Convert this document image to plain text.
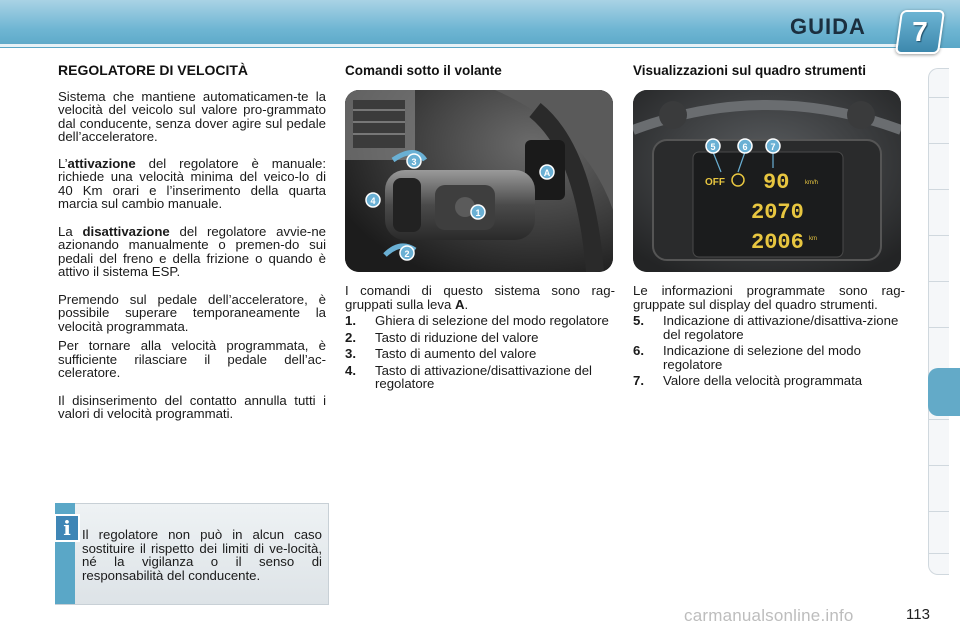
GUIDA	7

REGOLATORE DI VELOCITÀ

Sistema che mantiene automaticamen-te la velocità del veicolo sul valore pro-grammato dal conducente, senza dover agire sul pedale dell’acceleratore.

L’attivazione del regolatore è manuale: richiede una velocità minima del veico-lo di 40 Km orari e l’inserimento della quarta marcia sul cambio manuale.

La disattivazione del regolatore avvie-ne azionando manualmente o premen-do sui pedali del freno e della frizione o quando è attivo il sistema ESP.

Premendo sul pedale dell’acceleratore, è possibile superare temporaneamente la velocità programmata.

Per tornare alla velocità programmata, è sufficiente rilasciare il pedale dell’ac-celeratore.

Il disinserimento del contatto annulla tutti i valori di velocità programmati.

i Il regolatore non può in alcun caso sostituire il rispetto dei limiti di ve-locità, né la vigilanza o il senso di responsabilità del conducente.

Comandi sotto il volante

3
4
1
2
A

I comandi di questo sistema sono rag-gruppati sulla leva A.

1. Ghiera di selezione del modo regolatore
2. Tasto di riduzione del valore
3. Tasto di aumento del valore
4. Tasto di attivazione/disattivazione del regolatore

Visualizzazioni sul quadro strumenti

OFF 90	km/h
2070
2006 km
5	6	7

Le informazioni programmate sono rag-gruppate sul display del quadro strumenti.

5. Indicazione di attivazione/disattiva-zione del regolatore
6. Indicazione di selezione del modo regolatore
7. Valore della velocità programmata
carmanualsonline.info	113
